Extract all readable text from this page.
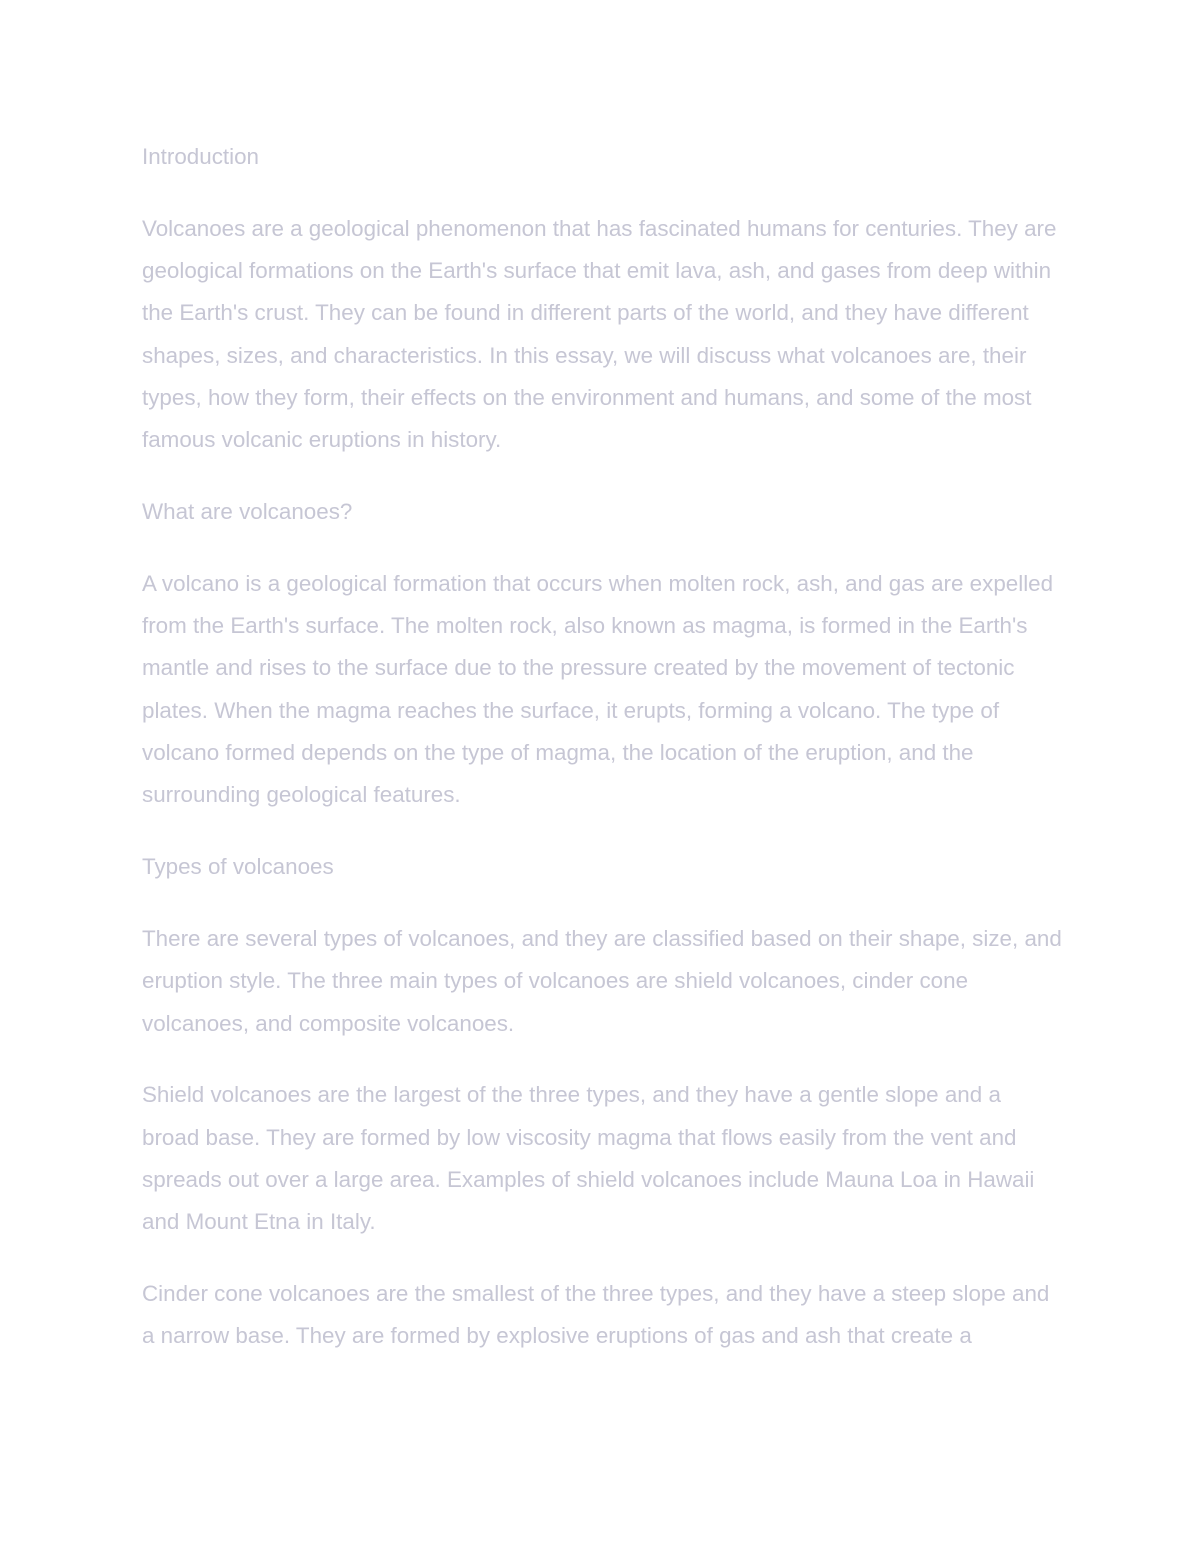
Introduction

Volcanoes are a geological phenomenon that has fascinated humans for centuries. They are geological formations on the Earth's surface that emit lava, ash, and gases from deep within the Earth's crust. They can be found in different parts of the world, and they have different shapes, sizes, and characteristics. In this essay, we will discuss what volcanoes are, their types, how they form, their effects on the environment and humans, and some of the most famous volcanic eruptions in history.

What are volcanoes?

A volcano is a geological formation that occurs when molten rock, ash, and gas are expelled from the Earth's surface. The molten rock, also known as magma, is formed in the Earth's mantle and rises to the surface due to the pressure created by the movement of tectonic plates. When the magma reaches the surface, it erupts, forming a volcano. The type of volcano formed depends on the type of magma, the location of the eruption, and the surrounding geological features.

Types of volcanoes

There are several types of volcanoes, and they are classified based on their shape, size, and eruption style. The three main types of volcanoes are shield volcanoes, cinder cone volcanoes, and composite volcanoes.

Shield volcanoes are the largest of the three types, and they have a gentle slope and a broad base. They are formed by low viscosity magma that flows easily from the vent and spreads out over a large area. Examples of shield volcanoes include Mauna Loa in Hawaii and Mount Etna in Italy.

Cinder cone volcanoes are the smallest of the three types, and they have a steep slope and a narrow base. They are formed by explosive eruptions of gas and ash that create a
